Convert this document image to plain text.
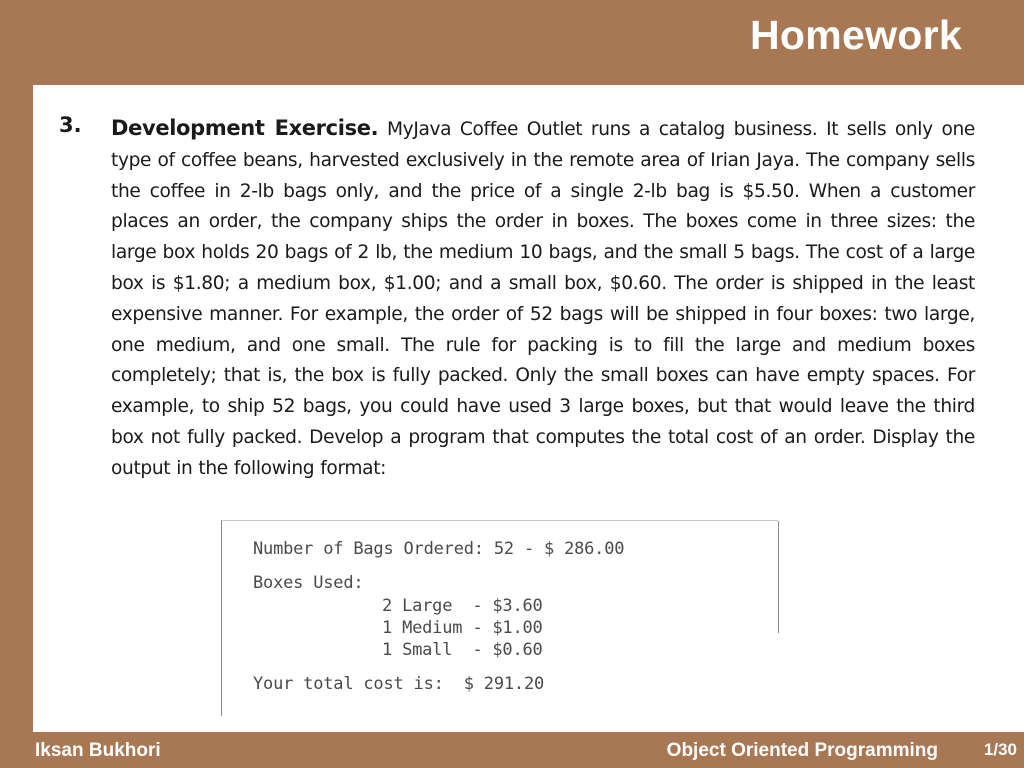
Homework
3. Development Exercise. MyJava Coffee Outlet runs a catalog business. It sells only one type of coffee beans, harvested exclusively in the remote area of Irian Jaya. The company sells the coffee in 2-lb bags only, and the price of a single 2-lb bag is $5.50. When a customer places an order, the company ships the order in boxes. The boxes come in three sizes: the large box holds 20 bags of 2 lb, the medium 10 bags, and the small 5 bags. The cost of a large box is $1.80; a medium box, $1.00; and a small box, $0.60. The order is shipped in the least expensive manner. For example, the order of 52 bags will be shipped in four boxes: two large, one medium, and one small. The rule for packing is to fill the large and medium boxes completely; that is, the box is fully packed. Only the small boxes can have empty spaces. For example, to ship 52 bags, you could have used 3 large boxes, but that would leave the third box not fully packed. Develop a program that computes the total cost of an order. Display the output in the following format:
Number of Bags Ordered: 52 - $ 286.00
Boxes Used:
2 Large  - $3.60
1 Medium - $1.00
1 Small  - $0.60
Your total cost is:  $ 291.20
Iksan Bukhori	Object Oriented Programming	1/30
